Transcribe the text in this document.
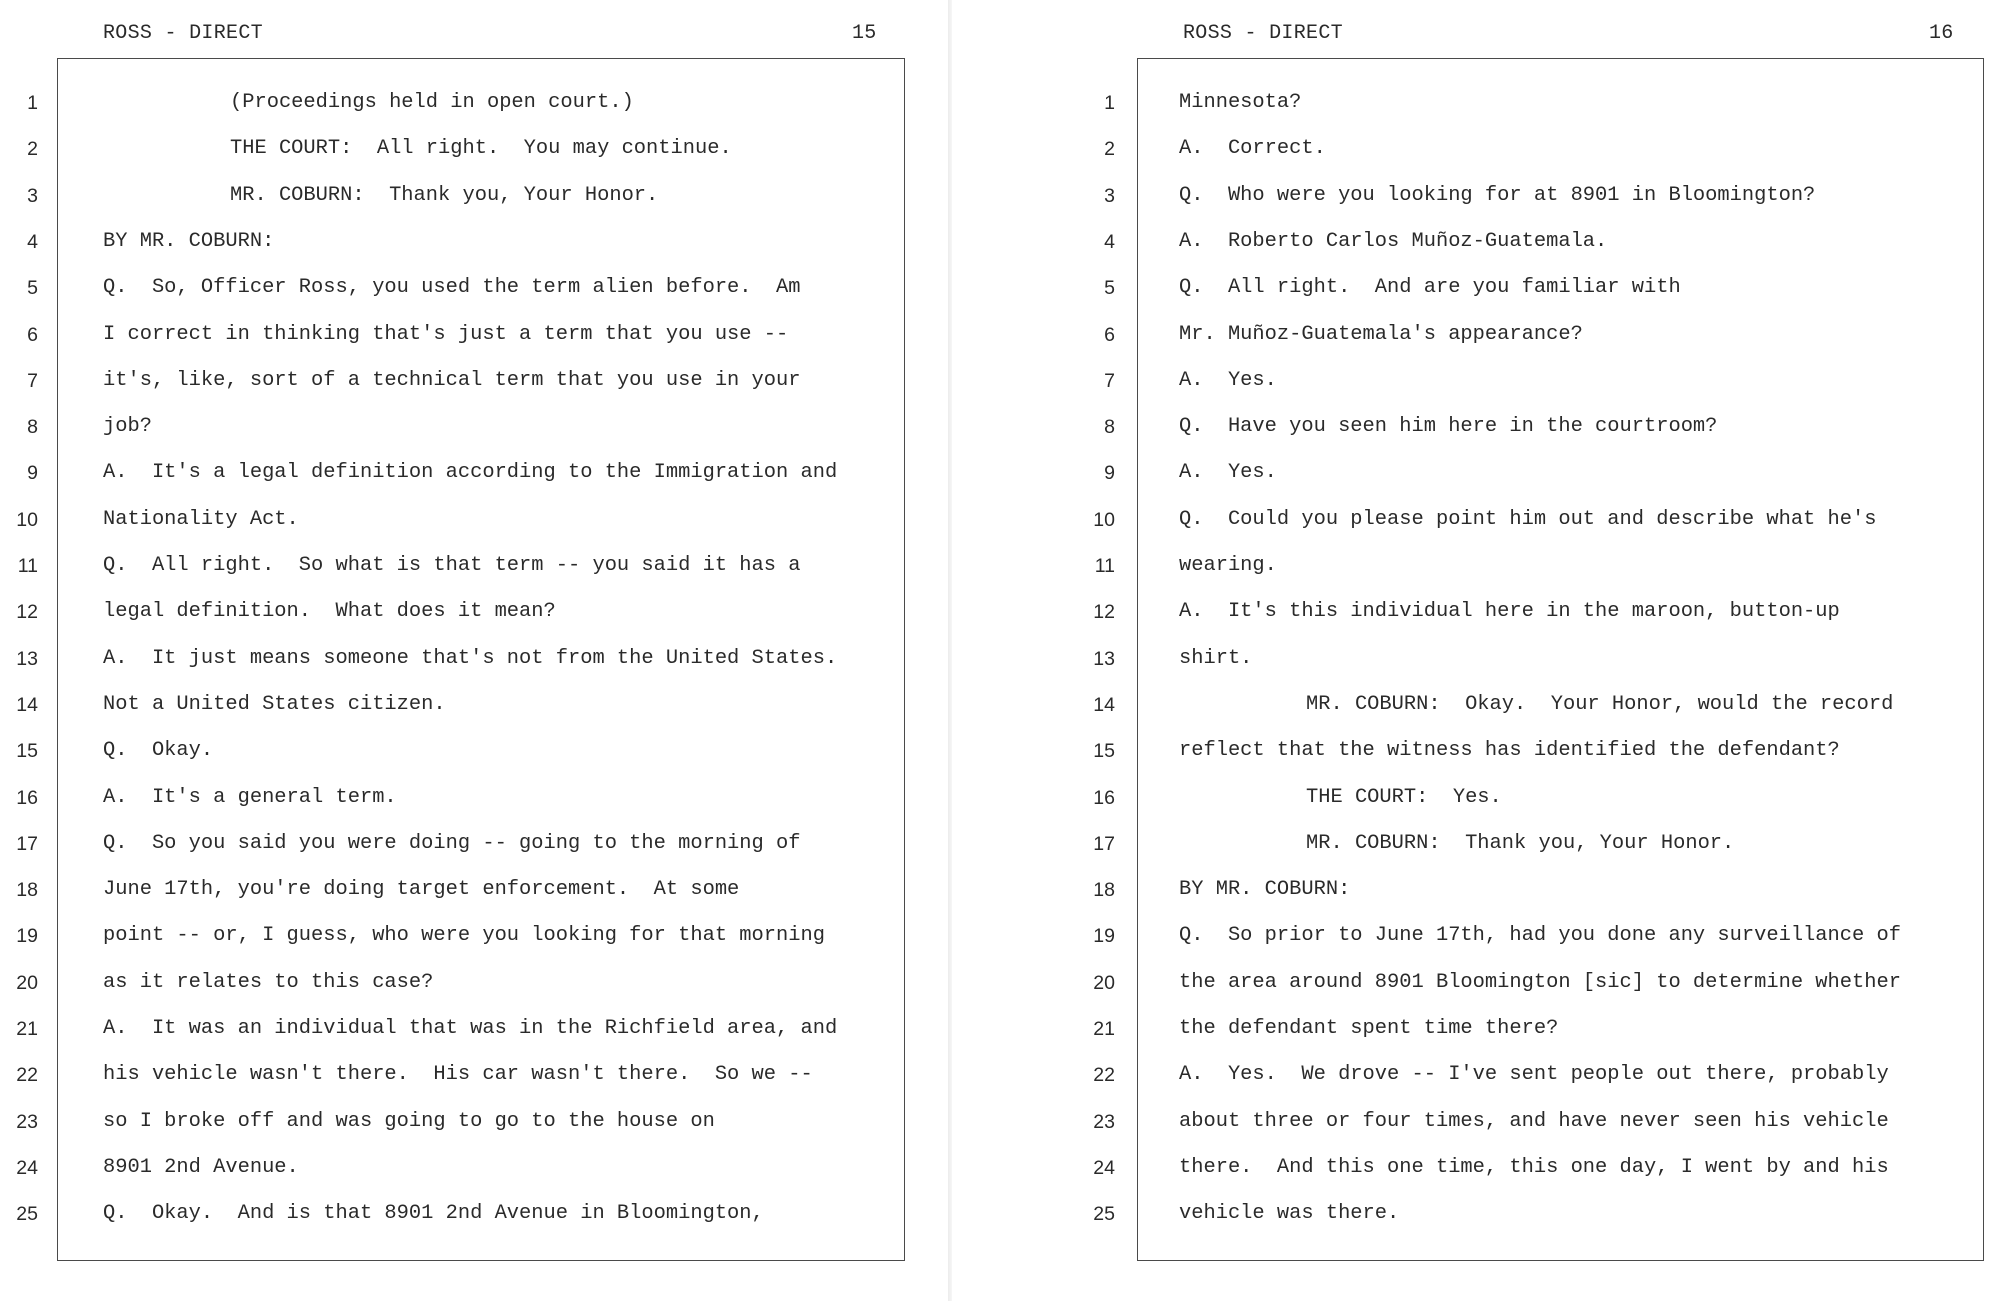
ROSS - DIRECT	15
1	(Proceedings held in open court.)
2	THE COURT:  All right.  You may continue.
3	MR. COBURN:  Thank you, Your Honor.
4	BY MR. COBURN:
5	Q.  So, Officer Ross, you used the term alien before.  Am
6	I correct in thinking that's just a term that you use --
7	it's, like, sort of a technical term that you use in your
8	job?
9	A.  It's a legal definition according to the Immigration and
10	Nationality Act.
11	Q.  All right.  So what is that term -- you said it has a
12	legal definition.  What does it mean?
13	A.  It just means someone that's not from the United States.
14	Not a United States citizen.
15	Q.  Okay.
16	A.  It's a general term.
17	Q.  So you said you were doing -- going to the morning of
18	June 17th, you're doing target enforcement.  At some
19	point -- or, I guess, who were you looking for that morning
20	as it relates to this case?
21	A.  It was an individual that was in the Richfield area, and
22	his vehicle wasn't there.  His car wasn't there.  So we --
23	so I broke off and was going to go to the house on
24	8901 2nd Avenue.
25	Q.  Okay.  And is that 8901 2nd Avenue in Bloomington,
ROSS - DIRECT	16
1	Minnesota?
2	A.  Correct.
3	Q.  Who were you looking for at 8901 in Bloomington?
4	A.  Roberto Carlos Muñoz-Guatemala.
5	Q.  All right.  And are you familiar with
6	Mr. Muñoz-Guatemala's appearance?
7	A.  Yes.
8	Q.  Have you seen him here in the courtroom?
9	A.  Yes.
10	Q.  Could you please point him out and describe what he's
11	wearing.
12	A.  It's this individual here in the maroon, button-up
13	shirt.
14	MR. COBURN:  Okay.  Your Honor, would the record
15	reflect that the witness has identified the defendant?
16	THE COURT:  Yes.
17	MR. COBURN:  Thank you, Your Honor.
18	BY MR. COBURN:
19	Q.  So prior to June 17th, had you done any surveillance of
20	the area around 8901 Bloomington [sic] to determine whether
21	the defendant spent time there?
22	A.  Yes.  We drove -- I've sent people out there, probably
23	about three or four times, and have never seen his vehicle
24	there.  And this one time, this one day, I went by and his
25	vehicle was there.
